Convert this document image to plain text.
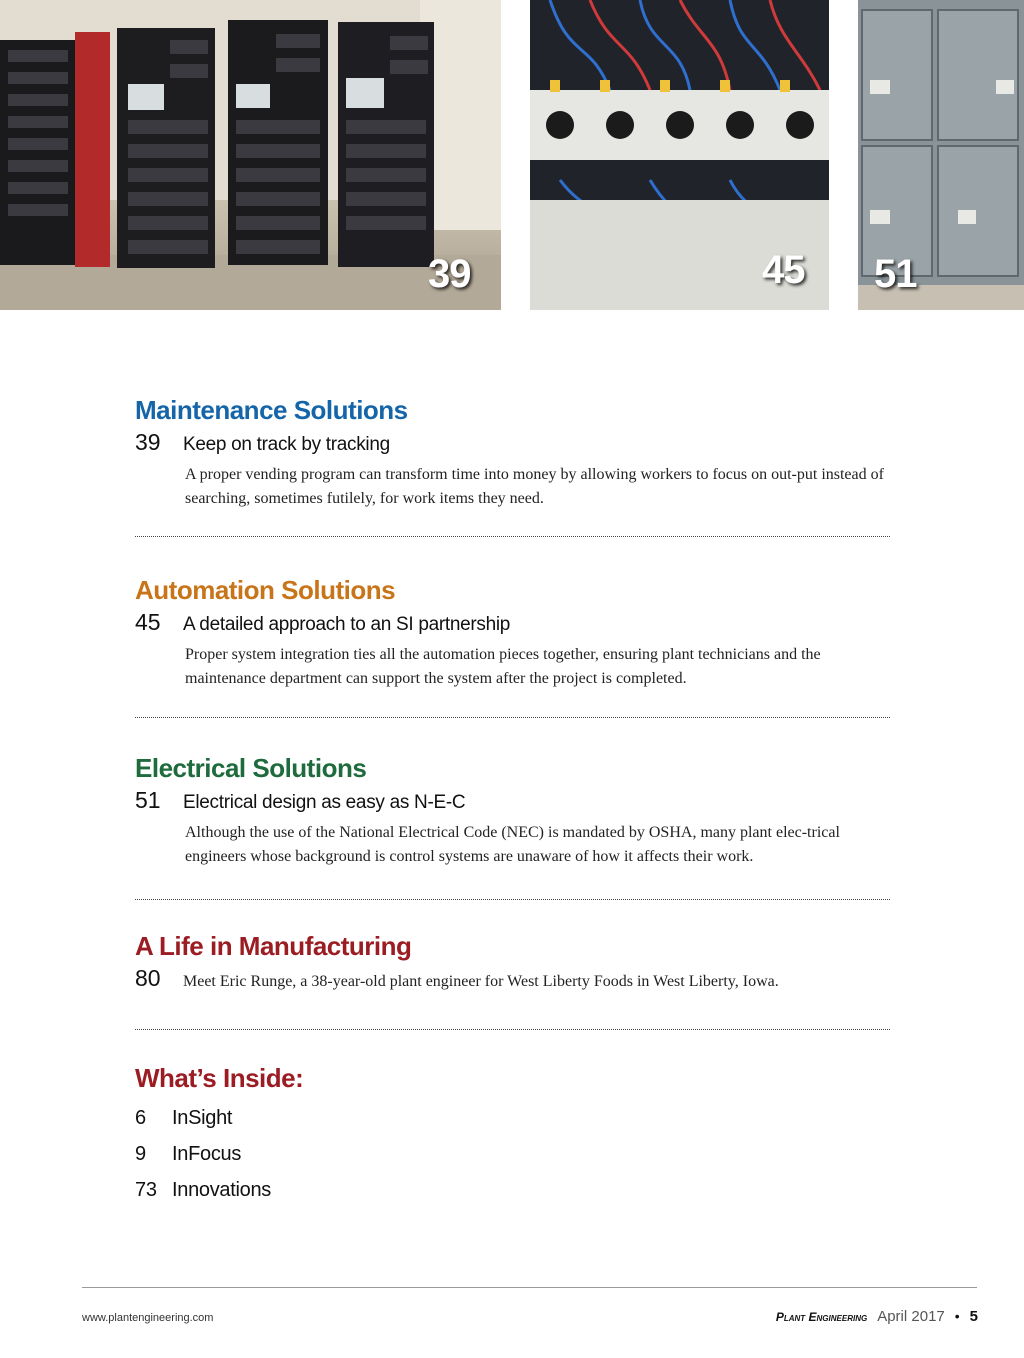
39	45 51
Maintenance Solutions
39	Keep on track by tracking
A proper vending program can transform time into money by allowing workers to focus on out-put instead of searching, sometimes futilely, for work items they need.
Automation Solutions
45	A detailed approach to an SI partnership
Proper system integration ties all the automation pieces together, ensuring plant technicians and the maintenance department can support the system after the project is completed.
Electrical Solutions
51	Electrical design as easy as N-E-C
Although the use of the National Electrical Code (NEC) is mandated by OSHA, many plant elec-trical engineers whose background is control systems are unaware of how it affects their work.
A Life in Manufacturing
80	Meet Eric Runge, a 38-year-old plant engineer for West Liberty Foods in West Liberty, Iowa.
What’s Inside:
6	InSight
9	InFocus
73 Innovations
www.plantengineering.com	Plant Engineering April 2017 • 5
